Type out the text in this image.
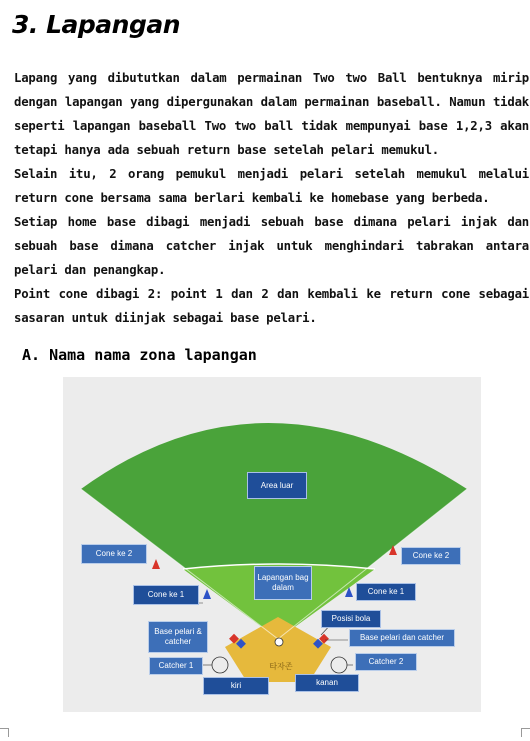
3. Lapangan

Lapang yang dibututkan dalam permainan Two two Ball bentuknya mirip dengan lapangan yang dipergunakan dalam permainan baseball. Namun tidak seperti lapangan baseball Two two ball tidak mempunyai base 1,2,3 akan tetapi hanya ada sebuah return base setelah pelari memukul.

Selain itu, 2 orang pemukul menjadi pelari setelah memukul melalui return cone bersama sama berlari kembali ke homebase yang berbeda.

Setiap home base dibagi menjadi sebuah base dimana pelari injak dan sebuah base dimana catcher injak untuk menghindari tabrakan antara pelari dan penangkap.

Point cone dibagi 2: point 1 dan 2 dan kembali ke return cone sebagai sasaran untuk diinjak sebagai base pelari.

A. Nama nama zona lapangan
타자존
Area luar
Cone ke 2	Cone ke 2
Lapangan bag dalam
Cone ke 1	Cone ke 1
Posisi bola
Base pelari & catcher	Base pelari dan catcher
Catcher 1	Catcher 2
kiri	kanan
